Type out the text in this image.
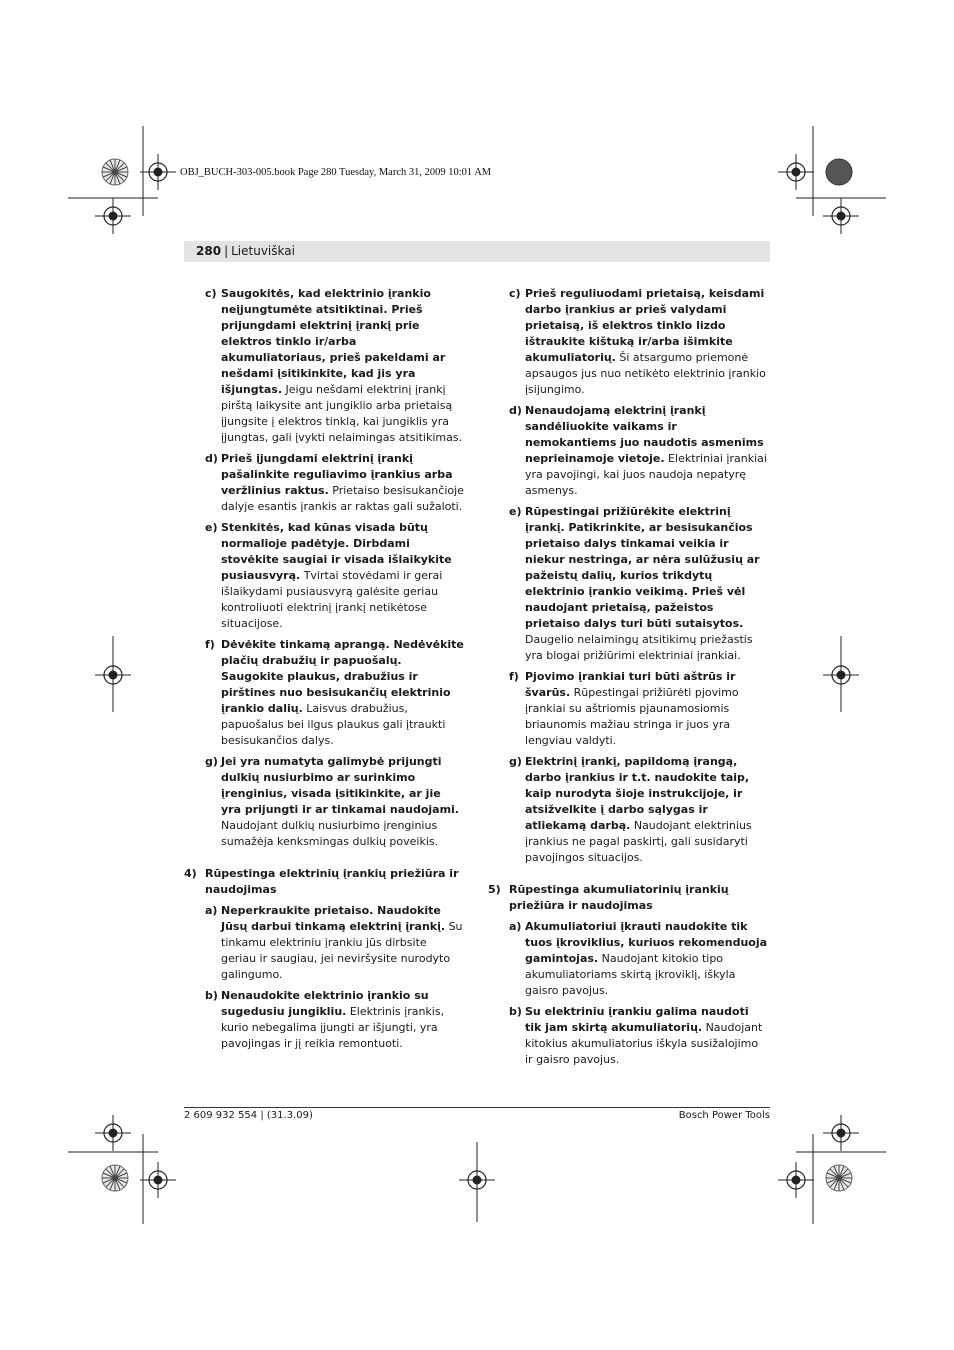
OBJ_BUCH-303-005.book Page 280 Tuesday, March 31, 2009 10:01 AM
280 | Lietuviškai
c) Saugokitės, kad elektrinio įrankio neįjungtumėte atsitiktinai. Prieš prijungdami elektrinį įrankį prie elektros tinklo ir/arba akumuliatoriaus, prieš pakeldami ar nešdami įsitikinkite, kad jis yra išjungtas. Jeigu nešdami elektrinį įrankį pirštą laikysite ant jungiklio arba prietaisą įjungsite į elektros tinklą, kai jungiklis yra įjungtas, gali įvykti nelaimingas atsitikimas.
d) Prieš įjungdami elektrinį įrankį pašalinkite reguliavimo įrankius arba veržlinius raktus. Prietaiso besisukančioje dalyje esantis įrankis ar raktas gali sužaloti.
e) Stenkitės, kad kūnas visada būtų normalioje padėtyje. Dirbdami stovėkite saugiai ir visada išlaikykite pusiausvyrą. Tvirtai stovėdami ir gerai išlaikydami pusiausvyrą galėsite geriau kontroliuoti elektrinį įrankį netikėtose situacijose.
f) Dėvėkite tinkamą aprangą. Nedėvėkite plačių drabužių ir papuošalų. Saugokite plaukus, drabužius ir pirštines nuo besisukančių elektrinio įrankio dalių. Laisvus drabužius, papuošalus bei ilgus plaukus gali įtraukti besisukančios dalys.
g) Jei yra numatyta galimybė prijungti dulkių nusiurbimo ar surinkimo įrenginius, visada įsitikinkite, ar jie yra prijungti ir ar tinkamai naudojami. Naudojant dulkių nusiurbimo įrenginius sumažėja kenksmingas dulkių poveikis.
4) Rūpestinga elektrinių įrankių priežiūra ir naudojimas
a) Neperkraukite prietaiso. Naudokite Jūsų darbui tinkamą elektrinį įrankį. Su tinkamu elektriniu įrankiu jūs dirbsite geriau ir saugiau, jei neviršysite nurodyto galingumo.
b) Nenaudokite elektrinio įrankio su sugedusiu jungikliu. Elektrinis įrankis, kurio nebegalima įjungti ar išjungti, yra pavojingas ir jį reikia remontuoti.
c) Prieš reguliuodami prietaisą, keisdami darbo įrankius ar prieš valydami prietaisą, iš elektros tinklo lizdo ištraukite kištuką ir/arba išimkite akumuliatorių. Ši atsargumo priemonė apsaugos jus nuo netikėto elektrinio įrankio įsijungimo.
d) Nenaudojamą elektrinį įrankį sandėliuokite vaikams ir nemokantiems juo naudotis asmenims neprieinamoje vietoje. Elektriniai įrankiai yra pavojingi, kai juos naudoja nepatyrę asmenys.
e) Rūpestingai prižiūrėkite elektrinį įrankį. Patikrinkite, ar besisukančios prietaiso dalys tinkamai veikia ir niekur nestringa, ar nėra sulūžusių ar pažeistų dalių, kurios trikdytų elektrinio įrankio veikimą. Prieš vėl naudojant prietaisą, pažeistos prietaiso dalys turi būti sutaisytos. Daugelio nelaimingų atsitikimų priežastis yra blogai prižiūrimi elektriniai įrankiai.
f) Pjovimo įrankiai turi būti aštrūs ir švarūs. Rūpestingai prižiūrėti pjovimo įrankiai su aštriomis pjaunamosiomis briaunomis mažiau stringa ir juos yra lengviau valdyti.
g) Elektrinį įrankį, papildomą įrangą, darbo įrankius ir t.t. naudokite taip, kaip nurodyta šioje instrukcijoje, ir atsižvelkite į darbo sąlygas ir atliekamą darbą. Naudojant elektrinius įrankius ne pagal paskirtį, gali susidaryti pavojingos situacijos.
5) Rūpestinga akumuliatorinių įrankių priežiūra ir naudojimas
a) Akumuliatoriui įkrauti naudokite tik tuos įkroviklius, kuriuos rekomenduoja gamintojas. Naudojant kitokio tipo akumuliatoriams skirtą įkroviklį, iškyla gaisro pavojus.
b) Su elektriniu įrankiu galima naudoti tik jam skirtą akumuliatorių. Naudojant kitokius akumuliatorius iškyla susižalojimo ir gaisro pavojus.
2 609 932 554 | (31.3.09)	Bosch Power Tools
